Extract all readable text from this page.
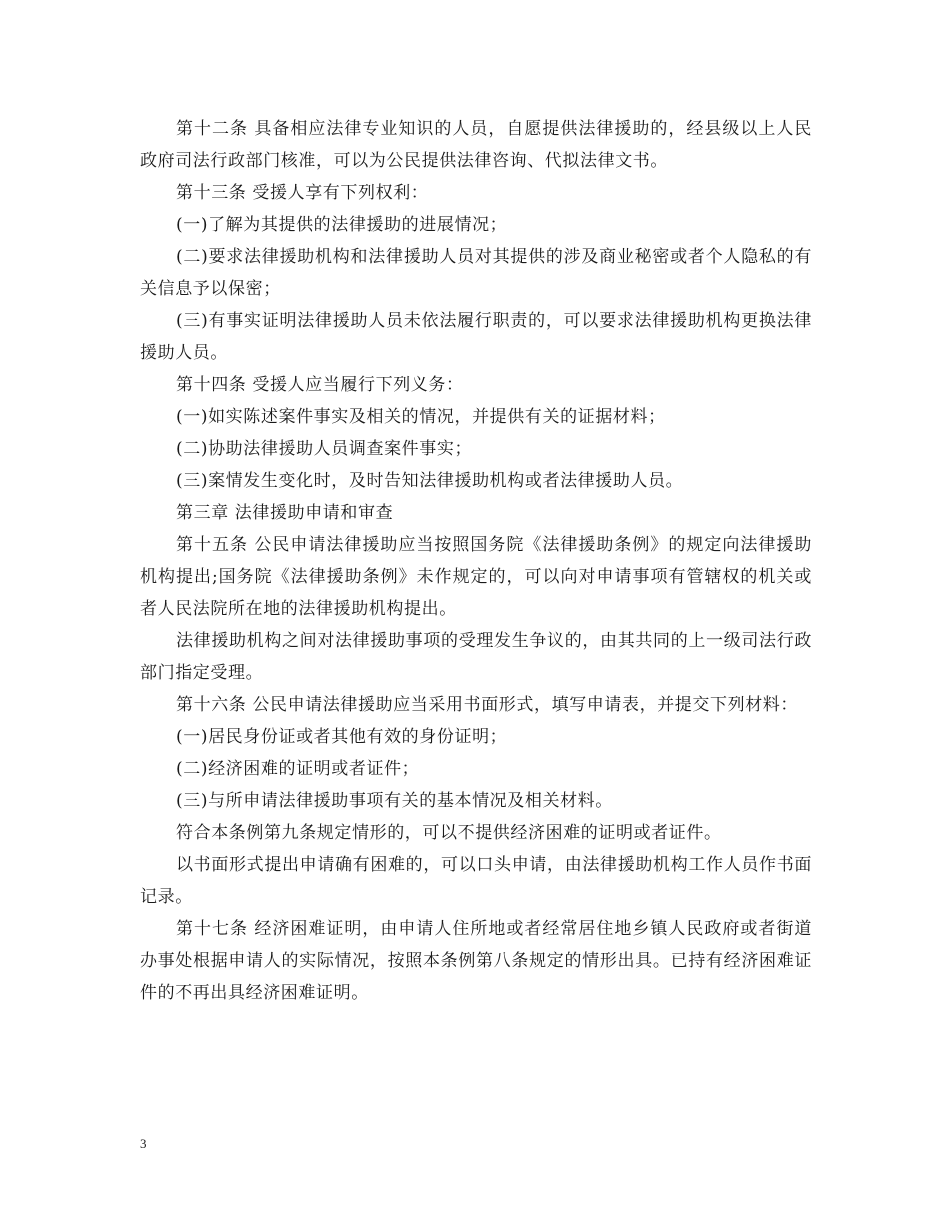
第十二条 具备相应法律专业知识的人员，自愿提供法律援助的，经县级以上人民政府司法行政部门核准，可以为公民提供法律咨询、代拟法律文书。

第十三条 受援人享有下列权利：

(一)了解为其提供的法律援助的进展情况；

(二)要求法律援助机构和法律援助人员对其提供的涉及商业秘密或者个人隐私的有关信息予以保密；

(三)有事实证明法律援助人员未依法履行职责的，可以要求法律援助机构更换法律援助人员。

第十四条 受援人应当履行下列义务：

(一)如实陈述案件事实及相关的情况，并提供有关的证据材料；

(二)协助法律援助人员调查案件事实；

(三)案情发生变化时，及时告知法律援助机构或者法律援助人员。

第三章 法律援助申请和审查

第十五条 公民申请法律援助应当按照国务院《法律援助条例》的规定向法律援助机构提出;国务院《法律援助条例》未作规定的，可以向对申请事项有管辖权的机关或者人民法院所在地的法律援助机构提出。

法律援助机构之间对法律援助事项的受理发生争议的，由其共同的上一级司法行政部门指定受理。

第十六条 公民申请法律援助应当采用书面形式，填写申请表，并提交下列材料：

(一)居民身份证或者其他有效的身份证明；

(二)经济困难的证明或者证件；

(三)与所申请法律援助事项有关的基本情况及相关材料。

符合本条例第九条规定情形的，可以不提供经济困难的证明或者证件。

以书面形式提出申请确有困难的，可以口头申请，由法律援助机构工作人员作书面记录。

第十七条 经济困难证明，由申请人住所地或者经常居住地乡镇人民政府或者街道办事处根据申请人的实际情况，按照本条例第八条规定的情形出具。已持有经济困难证件的不再出具经济困难证明。

3
